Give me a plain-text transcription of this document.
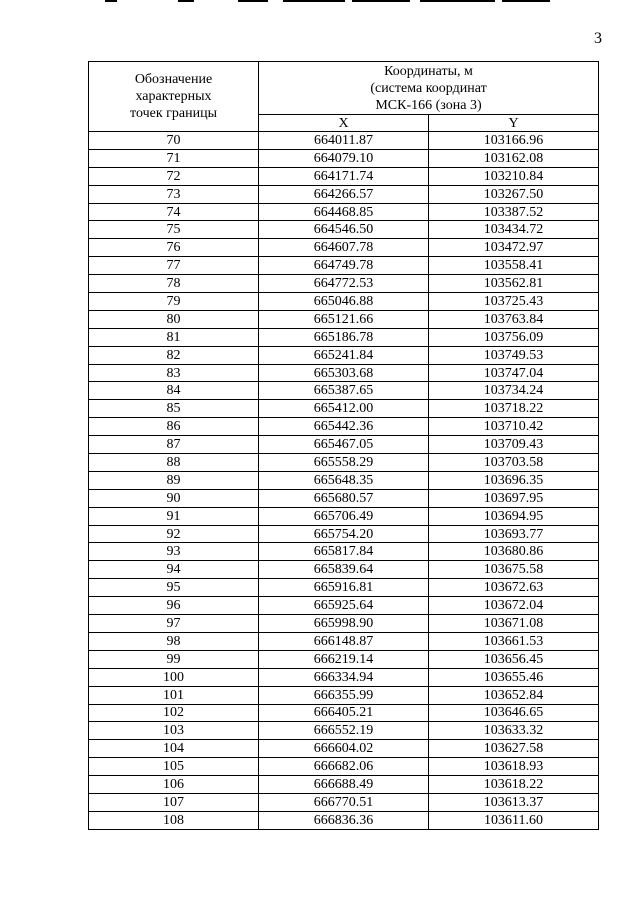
3
Обозначение
характерных
точек границы	Координаты, м
(система координат
МСК-166 (зона 3)	

	X	Y
70	664011.87	103166.96
71	664079.10	103162.08
72	664171.74	103210.84
73	664266.57	103267.50
74	664468.85	103387.52
75	664546.50	103434.72
76	664607.78	103472.97
77	664749.78	103558.41
78	664772.53	103562.81
79	665046.88	103725.43
80	665121.66	103763.84
81	665186.78	103756.09
82	665241.84	103749.53
83	665303.68	103747.04
84	665387.65	103734.24
85	665412.00	103718.22
86	665442.36	103710.42
87	665467.05	103709.43
88	665558.29	103703.58
89	665648.35	103696.35
90	665680.57	103697.95
91	665706.49	103694.95
92	665754.20	103693.77
93	665817.84	103680.86
94	665839.64	103675.58
95	665916.81	103672.63
96	665925.64	103672.04
97	665998.90	103671.08
98	666148.87	103661.53
99	666219.14	103656.45
100	666334.94	103655.46
101	666355.99	103652.84
102	666405.21	103646.65
103	666552.19	103633.32
104	666604.02	103627.58
105	666682.06	103618.93
106	666688.49	103618.22
107	666770.51	103613.37
108	666836.36	103611.60
